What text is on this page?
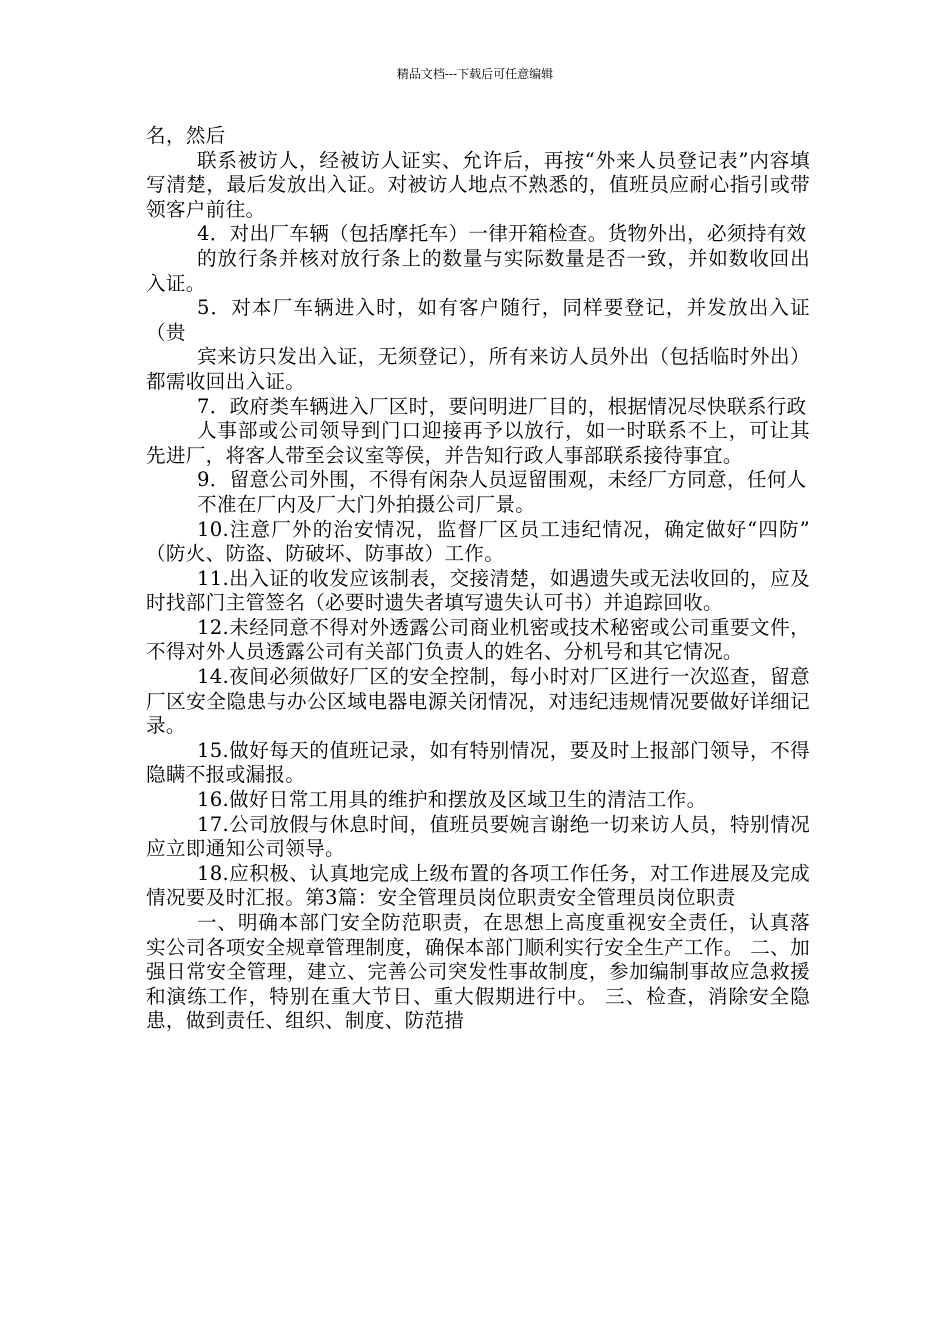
精品文档---下载后可任意编辑

名，然后

联系被访人，经被访人证实、允许后，再按“外来人员登记表”内容填写清楚，最后发放出入证。对被访人地点不熟悉的，值班员应耐心指引或带领客户前往。

4．对出厂车辆（包括摩托车）一律开箱检查。货物外出，必须持有效

的放行条并核对放行条上的数量与实际数量是否一致，并如数收回出入证。

5．对本厂车辆进入时，如有客户随行，同样要登记，并发放出入证（贵

宾来访只发出入证，无须登记），所有来访人员外出（包括临时外出）都需收回出入证。

7．政府类车辆进入厂区时，要问明进厂目的，根据情况尽快联系行政

人事部或公司领导到门口迎接再予以放行，如一时联系不上，可让其先进厂，将客人带至会议室等侯，并告知行政人事部联系接待事宜。

9．留意公司外围，不得有闲杂人员逗留围观，未经厂方同意，任何人

不准在厂内及厂大门外拍摄公司厂景。

10.注意厂外的治安情况，监督厂区员工违纪情况，确定做好“四防” （防火、防盗、防破坏、防事故）工作。

11.出入证的收发应该制表，交接清楚，如遇遗失或无法收回的，应及时找部门主管签名（必要时遗失者填写遗失认可书）并追踪回收。

12.未经同意不得对外透露公司商业机密或技术秘密或公司重要文件，不得对外人员透露公司有关部门负责人的姓名、分机号和其它情况。

14.夜间必须做好厂区的安全控制，每小时对厂区进行一次巡查，留意厂区安全隐患与办公区域电器电源关闭情况，对违纪违规情况要做好详细记录。

15.做好每天的值班记录，如有特别情况，要及时上报部门领导，不得隐瞒不报或漏报。

16.做好日常工用具的维护和摆放及区域卫生的清洁工作。

17.公司放假与休息时间，值班员要婉言谢绝一切来访人员，特别情况应立即通知公司领导。

18.应积极、认真地完成上级布置的各项工作任务，对工作进展及完成情况要及时汇报。第3篇：安全管理员岗位职责安全管理员岗位职责

一、明确本部门安全防范职责，在思想上高度重视安全责任，认真落实公司各项安全规章管理制度，确保本部门顺利实行安全生产工作。 二、加强日常安全管理，建立、完善公司突发性事故制度，参加编制事故应急救援和演练工作，特别在重大节日、重大假期进行中。 三、检查，消除安全隐患，做到责任、组织、制度、防范措
